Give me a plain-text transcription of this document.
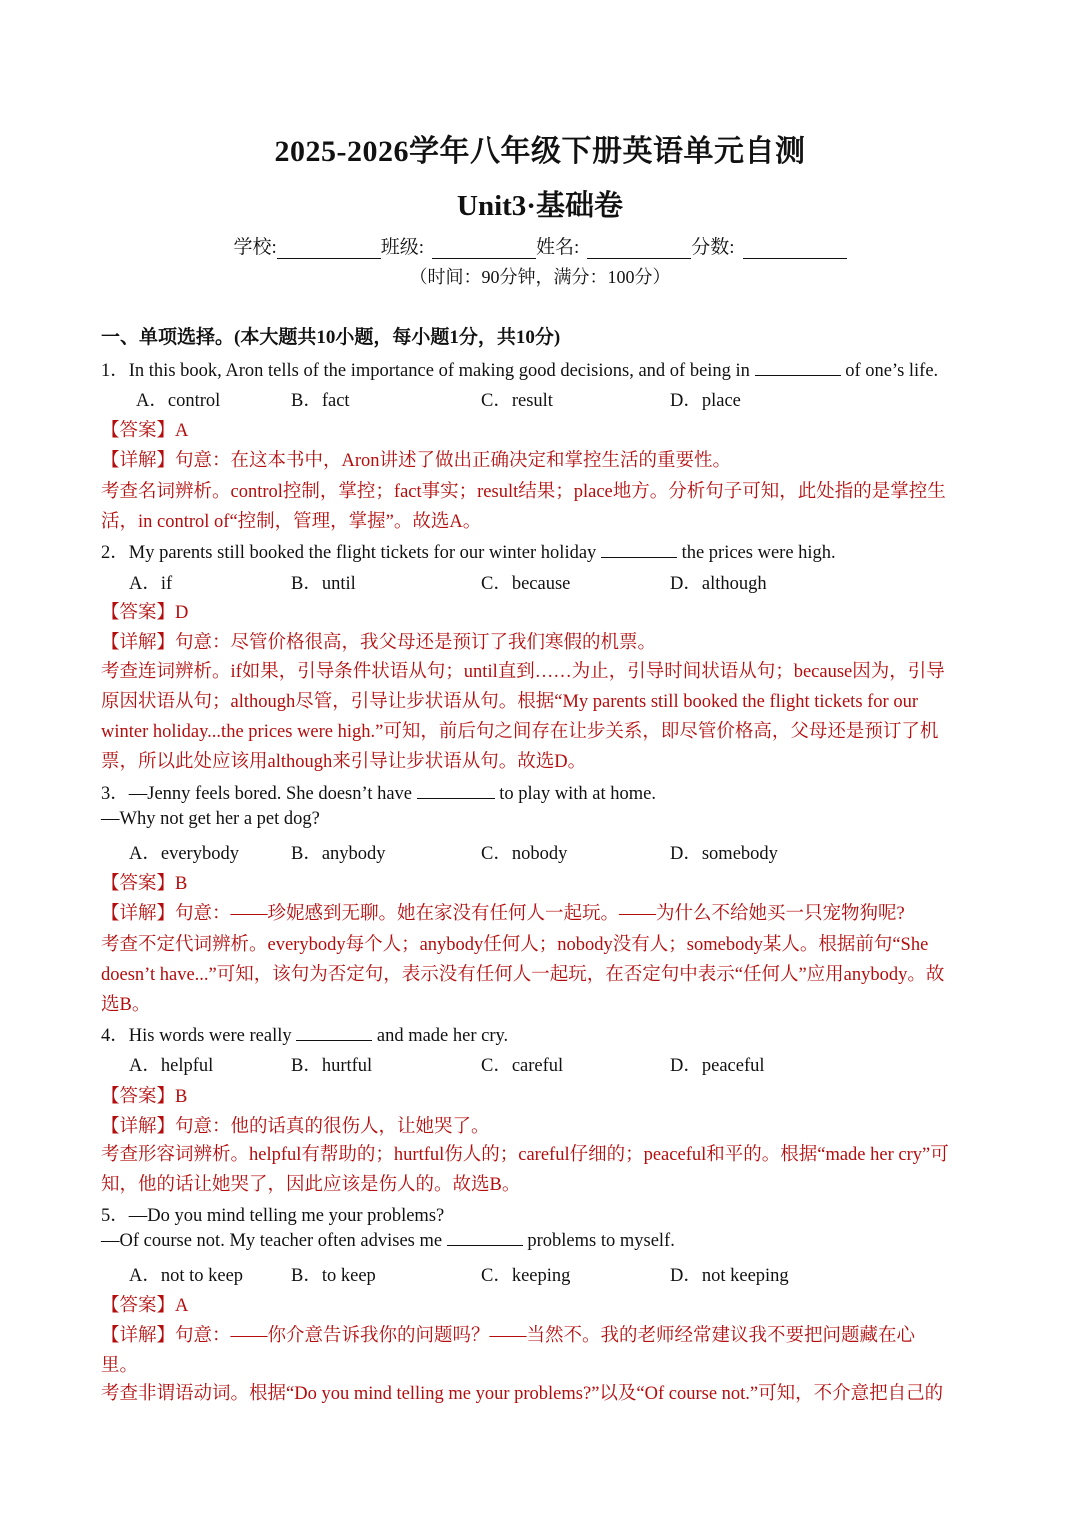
2025-2026学年八年级下册英语单元自测
Unit3·基础卷
学校:	班级:	姓名:	分数:
（时间：90分钟，满分：100分）
一、单项选择。(本大题共10小题，每小题1分，共10分)
1．In this book, Aron tells of the importance of making good decisions, and of being in	of one’s life.
A．control	B．fact	C．result	D．place
【答案】A
【详解】句意：在这本书中，Aron讲述了做出正确决定和掌控生活的重要性。
考查名词辨析。control控制，掌控；fact事实；result结果；place地方。分析句子可知，此处指的是掌控生
活，in control of“控制，管理，掌握”。故选A。
2．My parents still booked the flight tickets for our winter holiday	the prices were high.
A．if	B．until	C．because	D．although
【答案】D
【详解】句意：尽管价格很高，我父母还是预订了我们寒假的机票。
考查连词辨析。if如果，引导条件状语从句；until直到……为止，引导时间状语从句；because因为，引导
原因状语从句；although尽管，引导让步状语从句。根据“My parents still booked the flight tickets for our
winter holiday...the prices were high.”可知，前后句之间存在让步关系，即尽管价格高，父母还是预订了机
票，所以此处应该用although来引导让步状语从句。故选D。
3．—Jenny feels bored. She doesn’t have	to play with at home.
—Why not get her a pet dog?
A．everybody	B．anybody	C．nobody	D．somebody
【答案】B
【详解】句意：——珍妮感到无聊。她在家没有任何人一起玩。——为什么不给她买一只宠物狗呢?
考查不定代词辨析。everybody每个人；anybody任何人；nobody没有人；somebody某人。根据前句“She
doesn’t have...”可知，该句为否定句，表示没有任何人一起玩，在否定句中表示“任何人”应用anybody。故
选B。
4．His words were really	and made her cry.
A．helpful	B．hurtful	C．careful	D．peaceful
【答案】B
【详解】句意：他的话真的很伤人，让她哭了。
考查形容词辨析。helpful有帮助的；hurtful伤人的；careful仔细的；peaceful和平的。根据“made her cry”可
知，他的话让她哭了，因此应该是伤人的。故选B。
5．—Do you mind telling me your problems?
—Of course not. My teacher often advises me	problems to myself.
A．not to keep	B．to keep	C．keeping	D．not keeping
【答案】A
【详解】句意：——你介意告诉我你的问题吗？——当然不。我的老师经常建议我不要把问题藏在心
里。
考查非谓语动词。根据“Do you mind telling me your problems?”以及“Of course not.”可知，不介意把自己的
